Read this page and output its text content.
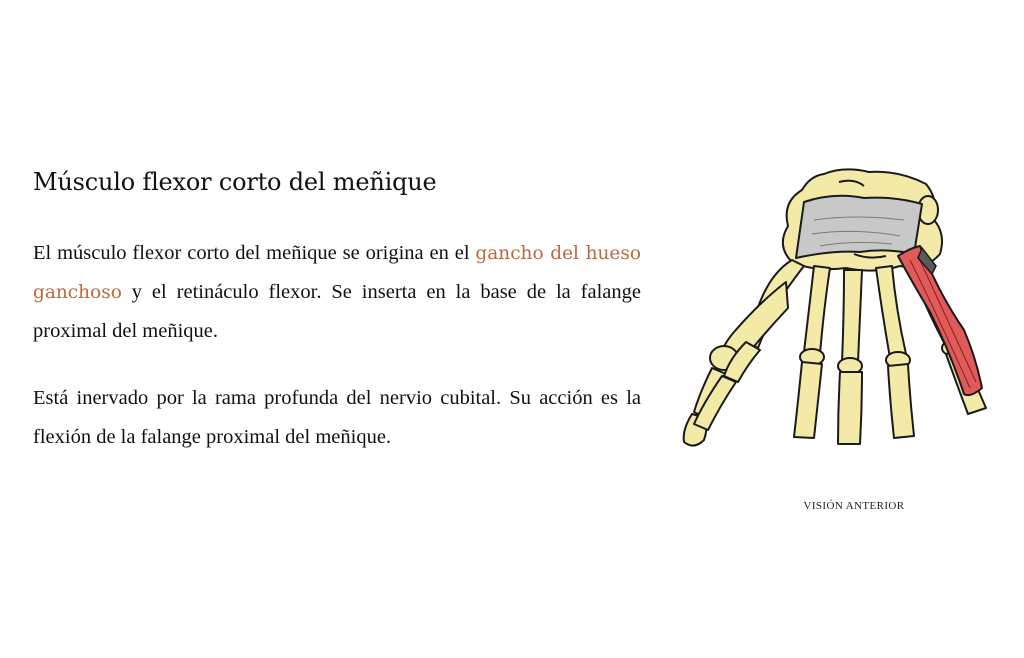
Músculo flexor corto del meñique

El músculo flexor corto del meñique se origina en el gancho del hueso ganchoso y el retináculo flexor. Se inserta en la base de la falange proximal del meñique.

Está inervado por la rama profunda del nervio cubital. Su acción es la flexión de la falange proximal del meñique.

VISIÓN ANTERIOR
